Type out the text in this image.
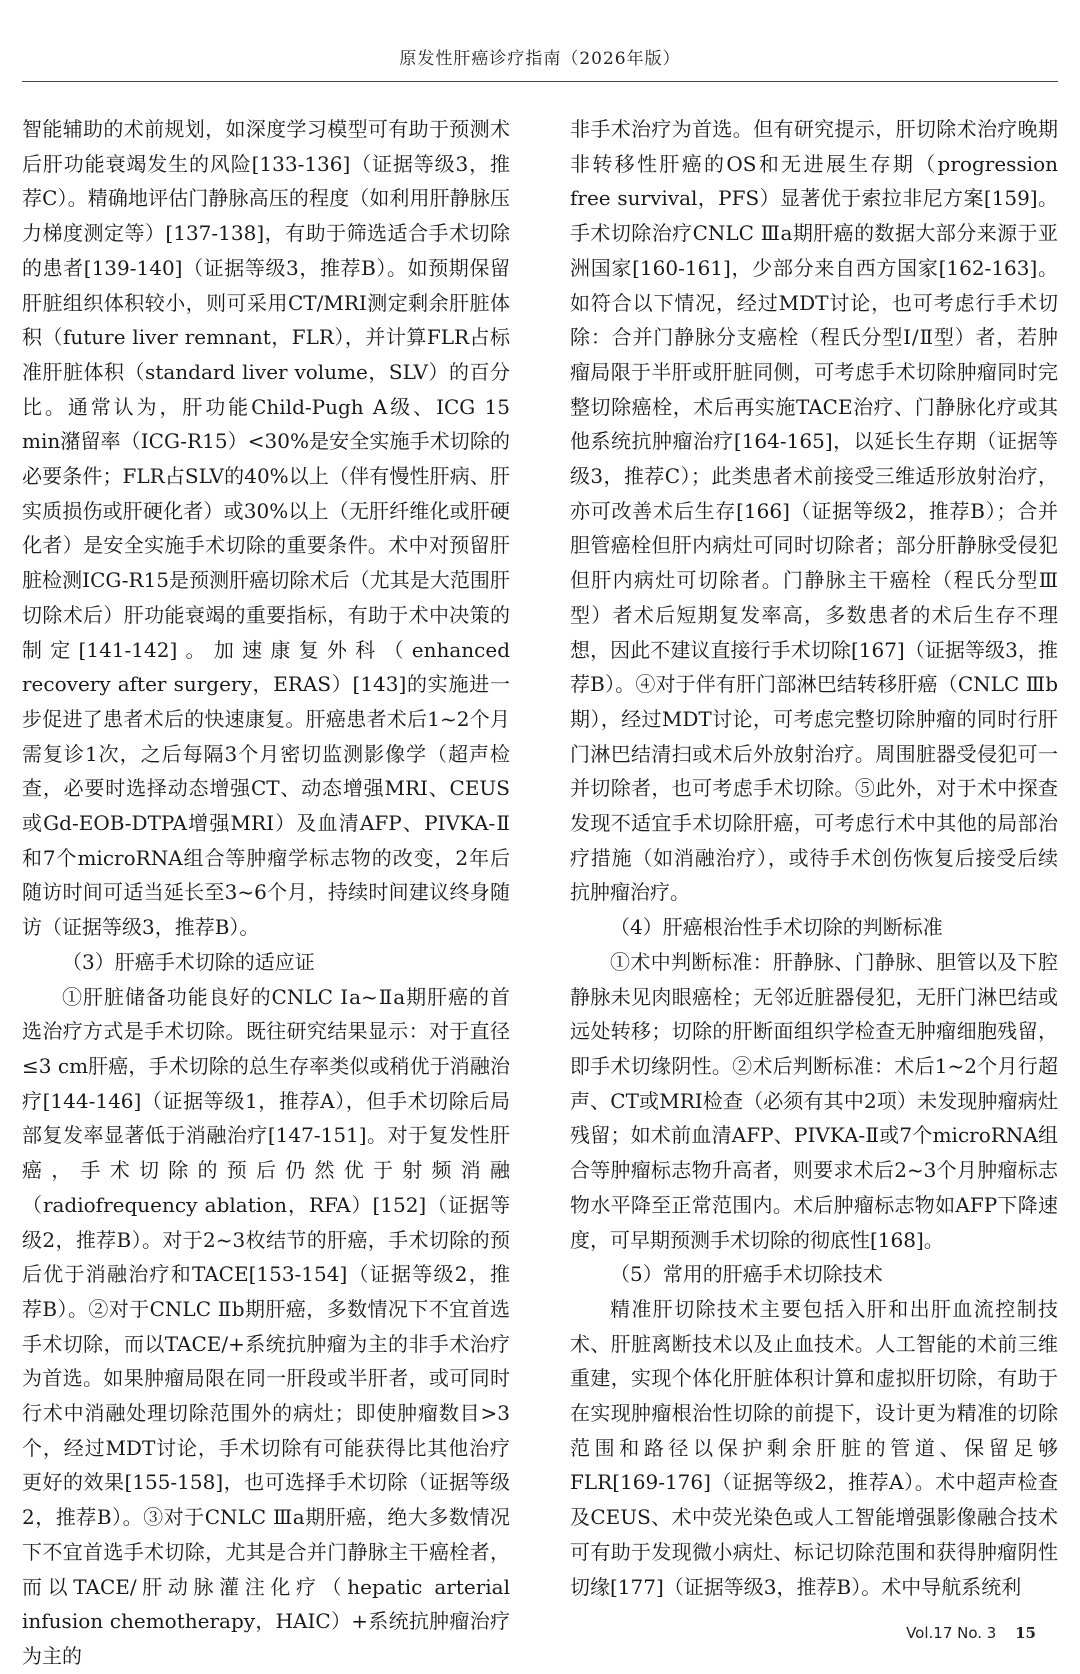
原发性肝癌诊疗指南（2026年版）

智能辅助的术前规划，如深度学习模型可有助于预测术后肝功能衰竭发生的风险[133-136]（证据等级3，推荐C）。精确地评估门静脉高压的程度（如利用肝静脉压力梯度测定等）[137-138]，有助于筛选适合手术切除的患者[139-140]（证据等级3，推荐B）。如预期保留肝脏组织体积较小，则可采用CT/MRI测定剩余肝脏体积（future liver remnant，FLR），并计算FLR占标准肝脏体积（standard liver volume，SLV）的百分比。通常认为，肝功能Child-Pugh A级、ICG 15 min潴留率（ICG-R15）<30%是安全实施手术切除的必要条件；FLR占SLV的40%以上（伴有慢性肝病、肝实质损伤或肝硬化者）或30%以上（无肝纤维化或肝硬化者）是安全实施手术切除的重要条件。术中对预留肝脏检测ICG-R15是预测肝癌切除术后（尤其是大范围肝切除术后）肝功能衰竭的重要指标，有助于术中决策的制定[141-142]。加速康复外科（enhanced recovery after surgery，ERAS）[143]的实施进一步促进了患者术后的快速康复。肝癌患者术后1~2个月需复诊1次，之后每隔3个月密切监测影像学（超声检查，必要时选择动态增强CT、动态增强MRI、CEUS或Gd-EOB-DTPA增强MRI）及血清AFP、PIVKA-Ⅱ和7个microRNA组合等肿瘤学标志物的改变，2年后随访时间可适当延长至3~6个月，持续时间建议终身随访（证据等级3，推荐B）。

（3）肝癌手术切除的适应证

①肝脏储备功能良好的CNLC Ⅰa~Ⅱa期肝癌的首选治疗方式是手术切除。既往研究结果显示：对于直径≤3 cm肝癌，手术切除的总生存率类似或稍优于消融治疗[144-146]（证据等级1，推荐A），但手术切除后局部复发率显著低于消融治疗[147-151]。对于复发性肝癌，手术切除的预后仍然优于射频消融（radiofrequency ablation，RFA）[152]（证据等级2，推荐B）。对于2~3枚结节的肝癌，手术切除的预后优于消融治疗和TACE[153-154]（证据等级2，推荐B）。②对于CNLC Ⅱb期肝癌，多数情况下不宜首选手术切除，而以TACE/+系统抗肿瘤为主的非手术治疗为首选。如果肿瘤局限在同一肝段或半肝者，或可同时行术中消融处理切除范围外的病灶；即使肿瘤数目>3个，经过MDT讨论，手术切除有可能获得比其他治疗更好的效果[155-158]，也可选择手术切除（证据等级2，推荐B）。③对于CNLC Ⅲa期肝癌，绝大多数情况下不宜首选手术切除，尤其是合并门静脉主干癌栓者，而以TACE/肝动脉灌注化疗（hepatic arterial infusion chemotherapy，HAIC）+系统抗肿瘤治疗为主的

非手术治疗为首选。但有研究提示，肝切除术治疗晚期非转移性肝癌的OS和无进展生存期（progression free survival，PFS）显著优于索拉非尼方案[159]。手术切除治疗CNLC Ⅲa期肝癌的数据大部分来源于亚洲国家[160-161]，少部分来自西方国家[162-163]。如符合以下情况，经过MDT讨论，也可考虑行手术切除：合并门静脉分支癌栓（程氏分型Ⅰ/Ⅱ型）者，若肿瘤局限于半肝或肝脏同侧，可考虑手术切除肿瘤同时完整切除癌栓，术后再实施TACE治疗、门静脉化疗或其他系统抗肿瘤治疗[164-165]，以延长生存期（证据等级3，推荐C）；此类患者术前接受三维适形放射治疗，亦可改善术后生存[166]（证据等级2，推荐B）；合并胆管癌栓但肝内病灶可同时切除者；部分肝静脉受侵犯但肝内病灶可切除者。门静脉主干癌栓（程氏分型Ⅲ型）者术后短期复发率高，多数患者的术后生存不理想，因此不建议直接行手术切除[167]（证据等级3，推荐B）。④对于伴有肝门部淋巴结转移肝癌（CNLC Ⅲb期），经过MDT讨论，可考虑完整切除肿瘤的同时行肝门淋巴结清扫或术后外放射治疗。周围脏器受侵犯可一并切除者，也可考虑手术切除。⑤此外，对于术中探查发现不适宜手术切除肝癌，可考虑行术中其他的局部治疗措施（如消融治疗），或待手术创伤恢复后接受后续抗肿瘤治疗。

（4）肝癌根治性手术切除的判断标准

①术中判断标准：肝静脉、门静脉、胆管以及下腔静脉未见肉眼癌栓；无邻近脏器侵犯，无肝门淋巴结或远处转移；切除的肝断面组织学检查无肿瘤细胞残留，即手术切缘阴性。②术后判断标准：术后1~2个月行超声、CT或MRI检查（必须有其中2项）未发现肿瘤病灶残留；如术前血清AFP、PIVKA-Ⅱ或7个microRNA组合等肿瘤标志物升高者，则要求术后2~3个月肿瘤标志物水平降至正常范围内。术后肿瘤标志物如AFP下降速度，可早期预测手术切除的彻底性[168]。

（5）常用的肝癌手术切除技术

精准肝切除技术主要包括入肝和出肝血流控制技术、肝脏离断技术以及止血技术。人工智能的术前三维重建，实现个体化肝脏体积计算和虚拟肝切除，有助于在实现肿瘤根治性切除的前提下，设计更为精准的切除范围和路径以保护剩余肝脏的管道、保留足够FLR[169-176]（证据等级2，推荐A）。术中超声检查及CEUS、术中荧光染色或人工智能增强影像融合技术可有助于发现微小病灶、标记切除范围和获得肿瘤阴性切缘[177]（证据等级3，推荐B）。术中导航系统利

Vol.17 No. 3 15
